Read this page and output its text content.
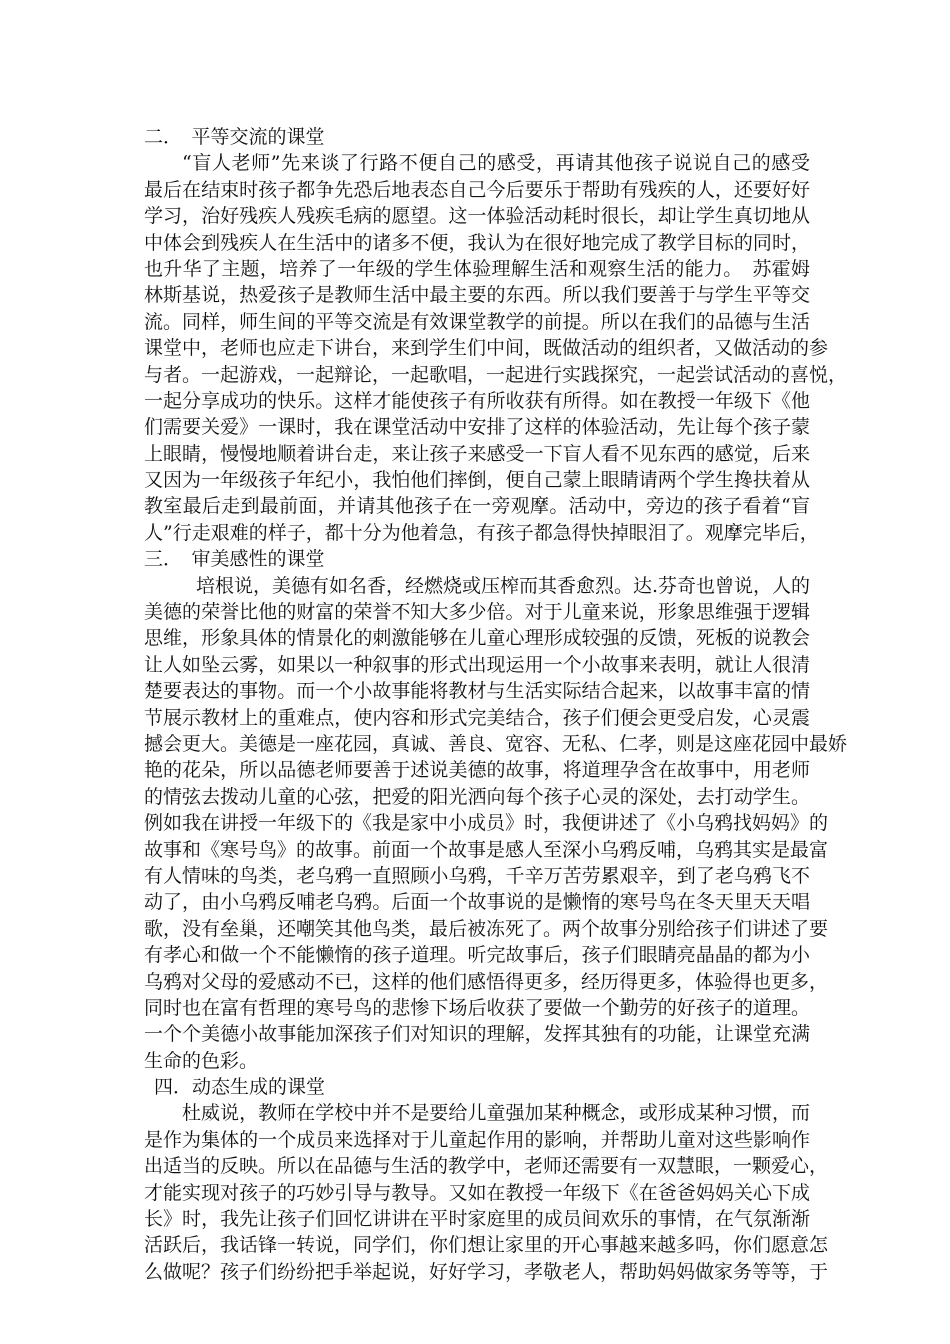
二．　平等交流的课堂
“盲人老师”先来谈了行路不便自己的感受，再请其他孩子说说自己的感受
最后在结束时孩子都争先恐后地表态自己今后要乐于帮助有残疾的人，还要好好
学习，治好残疾人残疾毛病的愿望。这一体验活动耗时很长，却让学生真切地从
中体会到残疾人在生活中的诸多不便，我认为在很好地完成了教学目标的同时，
也升华了主题，培养了一年级的学生体验理解生活和观察生活的能力。　苏霍姆
林斯基说，热爱孩子是教师生活中最主要的东西。所以我们要善于与学生平等交
流。同样，师生间的平等交流是有效课堂教学的前提。所以在我们的品德与生活
课堂中，老师也应走下讲台，来到学生们中间，既做活动的组织者，又做活动的参
与者。一起游戏，一起辩论，一起歌唱，一起进行实践探究，一起尝试活动的喜悦，
一起分享成功的快乐。这样才能使孩子有所收获有所得。如在教授一年级下《他
们需要关爱》一课时，我在课堂活动中安排了这样的体验活动，先让每个孩子蒙
上眼睛，慢慢地顺着讲台走，来让孩子来感受一下盲人看不见东西的感觉，后来
又因为一年级孩子年纪小，我怕他们摔倒，便自己蒙上眼睛请两个学生搀扶着从
教室最后走到最前面，并请其他孩子在一旁观摩。活动中，旁边的孩子看着“盲
人”行走艰难的样子，都十分为他着急，有孩子都急得快掉眼泪了。观摩完毕后，
三．　审美感性的课堂
培根说，美德有如名香，经燃烧或压榨而其香愈烈。达.芬奇也曾说，人的
美德的荣誉比他的财富的荣誉不知大多少倍。对于儿童来说，形象思维强于逻辑
思维，形象具体的情景化的刺激能够在儿童心理形成较强的反馈，死板的说教会
让人如坠云雾，如果以一种叙事的形式出现运用一个小故事来表明，就让人很清
楚要表达的事物。而一个小故事能将教材与生活实际结合起来，以故事丰富的情
节展示教材上的重难点，使内容和形式完美结合，孩子们便会更受启发，心灵震
撼会更大。美德是一座花园，真诚、善良、宽容、无私、仁孝，则是这座花园中最娇
艳的花朵，所以品德老师要善于述说美德的故事，将道理孕含在故事中，用老师
的情弦去拨动儿童的心弦，把爱的阳光洒向每个孩子心灵的深处，去打动学生。
例如我在讲授一年级下的《我是家中小成员》时，我便讲述了《小乌鸦找妈妈》的
故事和《寒号鸟》的故事。前面一个故事是感人至深小乌鸦反哺，乌鸦其实是最富
有人情味的鸟类，老乌鸦一直照顾小乌鸦，千辛万苦劳累艰辛，到了老乌鸦飞不
动了，由小乌鸦反哺老乌鸦。后面一个故事说的是懒惰的寒号鸟在冬天里天天唱
歌，没有垒巢，还嘲笑其他鸟类，最后被冻死了。两个故事分别给孩子们讲述了要
有孝心和做一个不能懒惰的孩子道理。听完故事后，孩子们眼睛亮晶晶的都为小
乌鸦对父母的爱感动不已，这样的他们感悟得更多，经历得更多，体验得也更多，
同时也在富有哲理的寒号鸟的悲惨下场后收获了要做一个勤劳的好孩子的道理。
一个个美德小故事能加深孩子们对知识的理解，发挥其独有的功能，让课堂充满
生命的色彩。
四．动态生成的课堂
杜威说，教师在学校中并不是要给儿童强加某种概念，或形成某种习惯，而
是作为集体的一个成员来选择对于儿童起作用的影响，并帮助儿童对这些影响作
出适当的反映。所以在品德与生活的教学中，老师还需要有一双慧眼，一颗爱心，
才能实现对孩子的巧妙引导与教导。又如在教授一年级下《在爸爸妈妈关心下成
长》时，我先让孩子们回忆讲讲在平时家庭里的成员间欢乐的事情，在气氛渐渐
活跃后，我话锋一转说，同学们，你们想让家里的开心事越来越多吗，你们愿意怎
么做呢？孩子们纷纷把手举起说，好好学习，孝敬老人，帮助妈妈做家务等等，于
